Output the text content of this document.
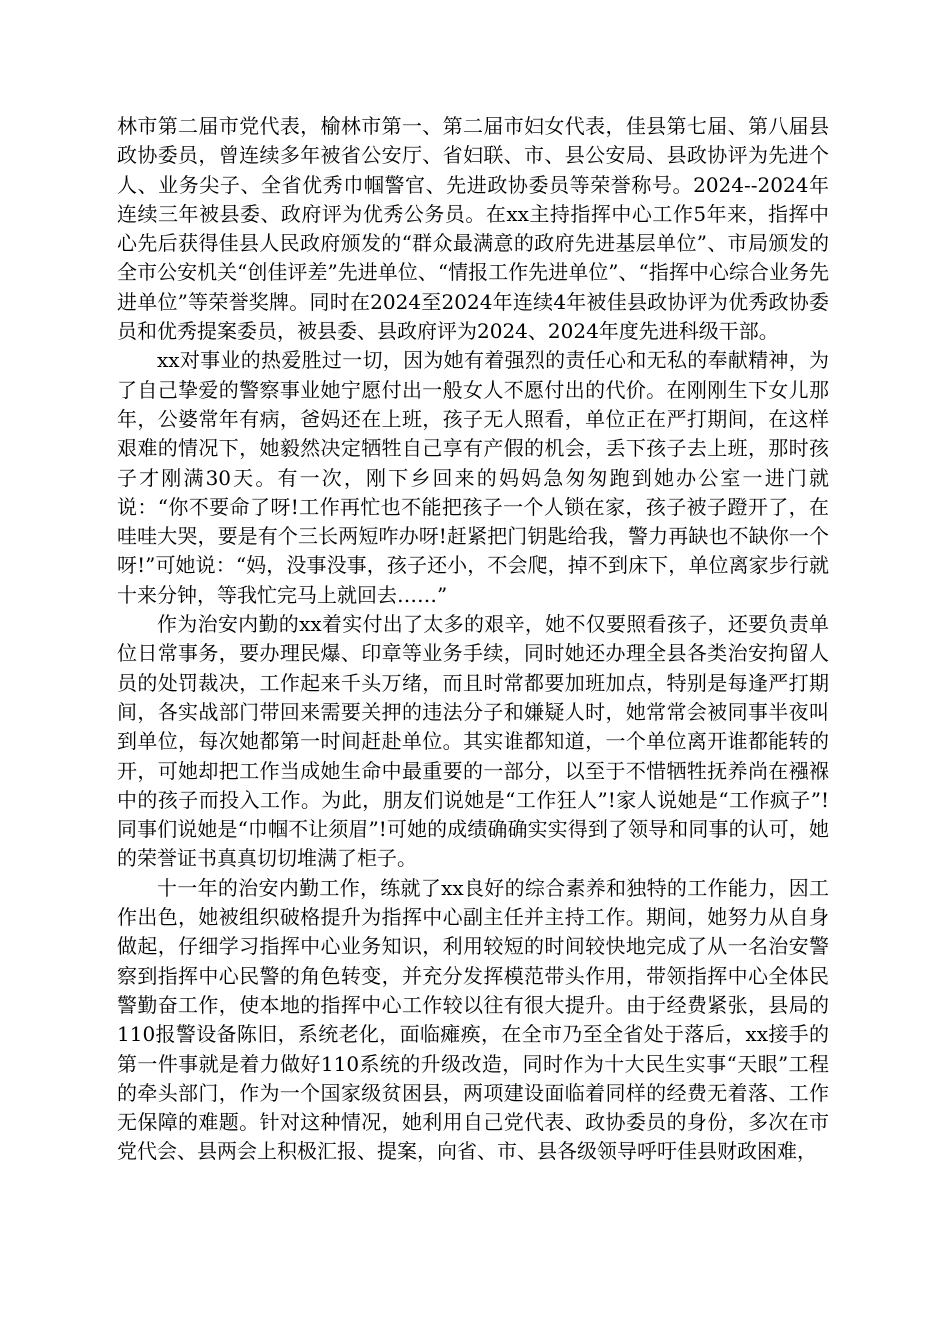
林市第二届市党代表，榆林市第一、第二届市妇女代表，佳县第七届、第八届县政协委员，曾连续多年被省公安厅、省妇联、市、县公安局、县政协评为先进个人、业务尖子、全省优秀巾帼警官、先进政协委员等荣誉称号。2024--2024年连续三年被县委、政府评为优秀公务员。在xx主持指挥中心工作5年来，指挥中心先后获得佳县人民政府颁发的“群众最满意的政府先进基层单位”、市局颁发的全市公安机关“创佳评差”先进单位、“情报工作先进单位”、“指挥中心综合业务先进单位”等荣誉奖牌。同时在2024至2024年连续4年被佳县政协评为优秀政协委员和优秀提案委员，被县委、县政府评为2024、2024年度先进科级干部。

xx对事业的热爱胜过一切，因为她有着强烈的责任心和无私的奉献精神，为了自己挚爱的警察事业她宁愿付出一般女人不愿付出的代价。在刚刚生下女儿那年，公婆常年有病，爸妈还在上班，孩子无人照看，单位正在严打期间，在这样艰难的情况下，她毅然决定牺牲自己享有产假的机会，丢下孩子去上班，那时孩子才刚满30天。有一次，刚下乡回来的妈妈急匆匆跑到她办公室一进门就说：“你不要命了呀!工作再忙也不能把孩子一个人锁在家，孩子被子蹬开了，在哇哇大哭，要是有个三长两短咋办呀!赶紧把门钥匙给我，警力再缺也不缺你一个呀!”可她说：“妈，没事没事，孩子还小，不会爬，掉不到床下，单位离家步行就十来分钟，等我忙完马上就回去……”

作为治安内勤的xx着实付出了太多的艰辛，她不仅要照看孩子，还要负责单位日常事务，要办理民爆、印章等业务手续，同时她还办理全县各类治安拘留人员的处罚裁决，工作起来千头万绪，而且时常都要加班加点，特别是每逢严打期间，各实战部门带回来需要关押的违法分子和嫌疑人时，她常常会被同事半夜叫到单位，每次她都第一时间赶赴单位。其实谁都知道，一个单位离开谁都能转的开，可她却把工作当成她生命中最重要的一部分，以至于不惜牺牲抚养尚在襁褓中的孩子而投入工作。为此，朋友们说她是“工作狂人”!家人说她是“工作疯子”!同事们说她是“巾帼不让须眉”!可她的成绩确确实实得到了领导和同事的认可，她的荣誉证书真真切切堆满了柜子。

十一年的治安内勤工作，练就了xx良好的综合素养和独特的工作能力，因工作出色，她被组织破格提升为指挥中心副主任并主持工作。期间，她努力从自身做起，仔细学习指挥中心业务知识，利用较短的时间较快地完成了从一名治安警察到指挥中心民警的角色转变，并充分发挥模范带头作用，带领指挥中心全体民警勤奋工作，使本地的指挥中心工作较以往有很大提升。由于经费紧张，县局的110报警设备陈旧，系统老化，面临瘫痪，在全市乃至全省处于落后，xx接手的第一件事就是着力做好110系统的升级改造，同时作为十大民生实事“天眼”工程的牵头部门，作为一个国家级贫困县，两项建设面临着同样的经费无着落、工作无保障的难题。针对这种情况，她利用自己党代表、政协委员的身份，多次在市党代会、县两会上积极汇报、提案，向省、市、县各级领导呼吁佳县财政困难，
